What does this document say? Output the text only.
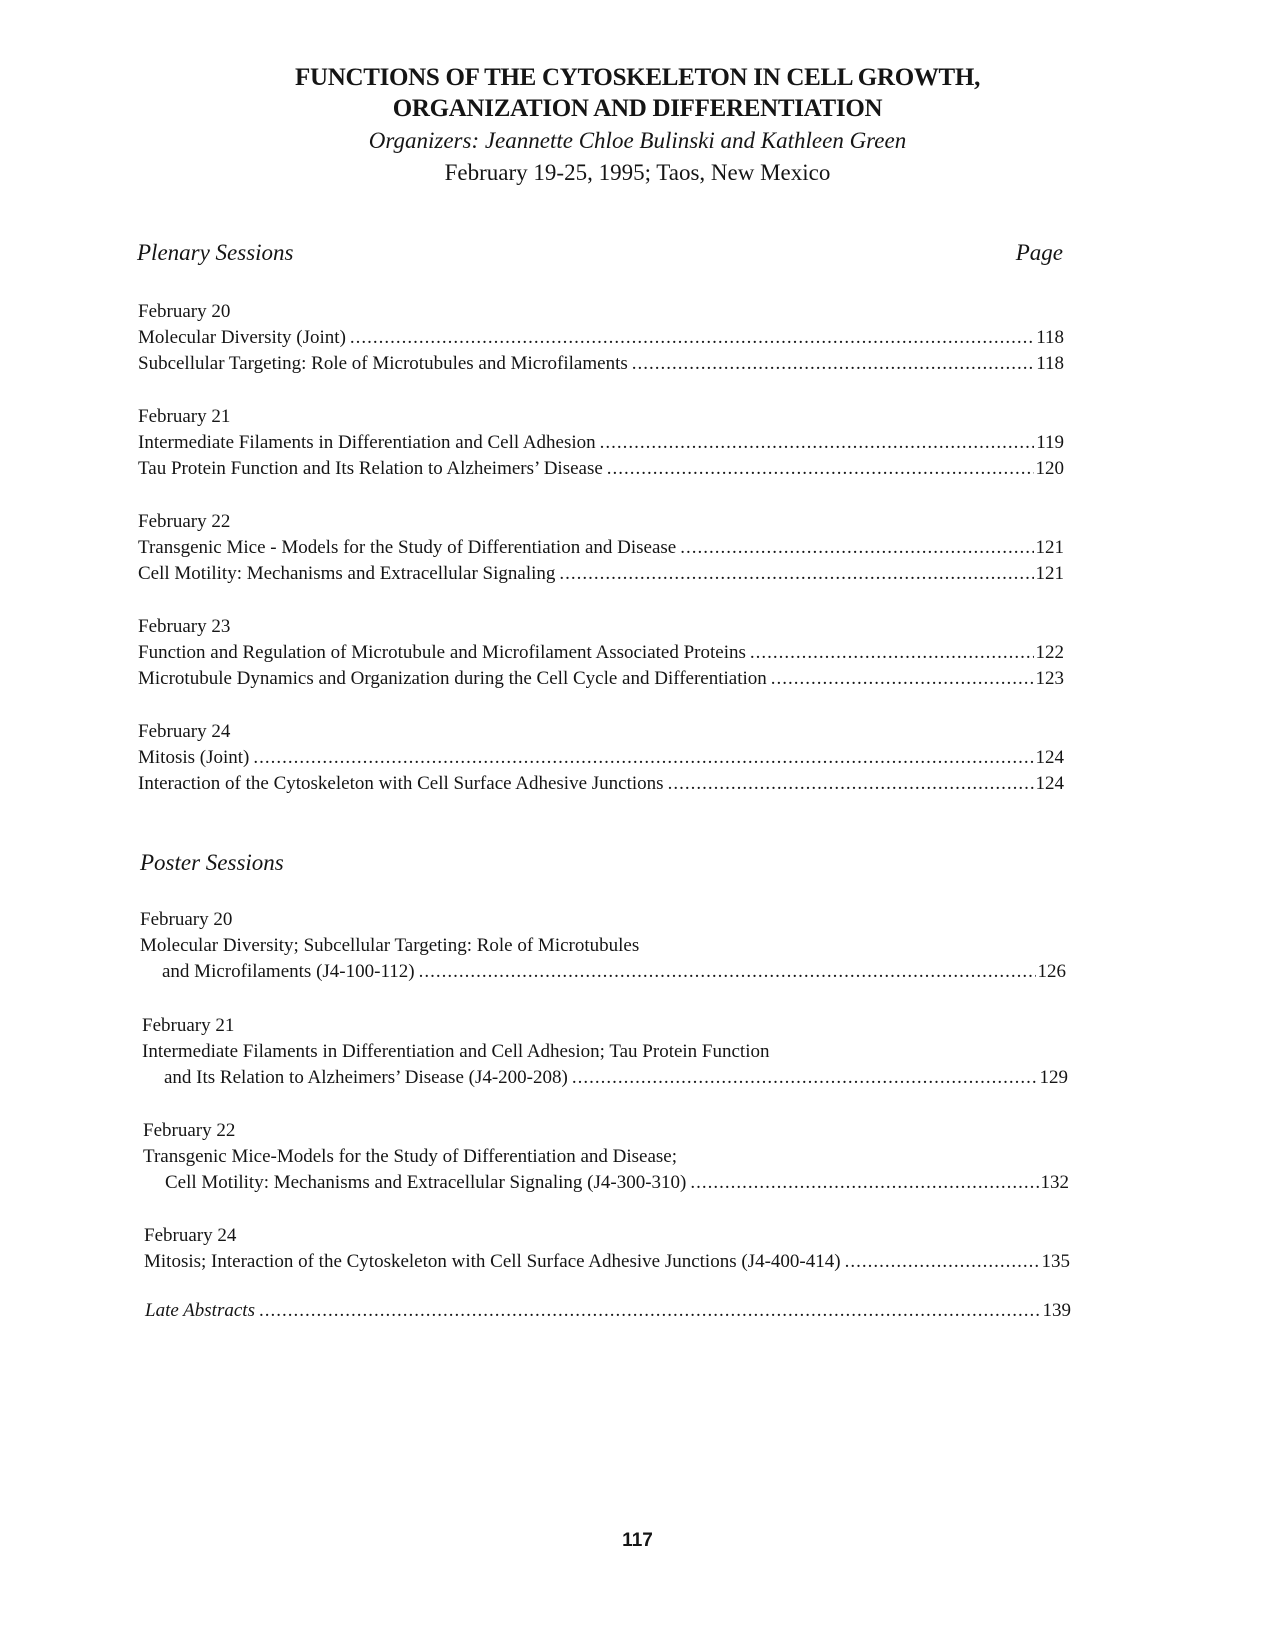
FUNCTIONS OF THE CYTOSKELETON IN CELL GROWTH,
ORGANIZATION AND DIFFERENTIATION
Organizers: Jeannette Chloe Bulinski and Kathleen Green
February 19-25, 1995; Taos, New Mexico
Plenary Sessions	Page
February 20
Molecular Diversity (Joint) .....	118
Subcellular Targeting: Role of Microtubules and Microfilaments .....	118
February 21
Intermediate Filaments in Differentiation and Cell Adhesion .....	119
Tau Protein Function and Its Relation to Alzheimers’ Disease .....	120
February 22
Transgenic Mice - Models for the Study of Differentiation and Disease .....	121
Cell Motility: Mechanisms and Extracellular Signaling .....	121
February 23
Function and Regulation of Microtubule and Microfilament Associated Proteins .....	122
Microtubule Dynamics and Organization during the Cell Cycle and Differentiation .....	123
February 24
Mitosis (Joint) .....	124
Interaction of the Cytoskeleton with Cell Surface Adhesive Junctions .....	124
Poster Sessions
February 20
Molecular Diversity; Subcellular Targeting: Role of Microtubules
and Microfilaments (J4-100-112) .....	126
February 21
Intermediate Filaments in Differentiation and Cell Adhesion; Tau Protein Function
and Its Relation to Alzheimers’ Disease (J4-200-208) .....	129
February 22
Transgenic Mice-Models for the Study of Differentiation and Disease;
Cell Motility: Mechanisms and Extracellular Signaling (J4-300-310) .....	132
February 24
Mitosis; Interaction of the Cytoskeleton with Cell Surface Adhesive Junctions (J4-400-414) .....	135
Late Abstracts .....	139
117
